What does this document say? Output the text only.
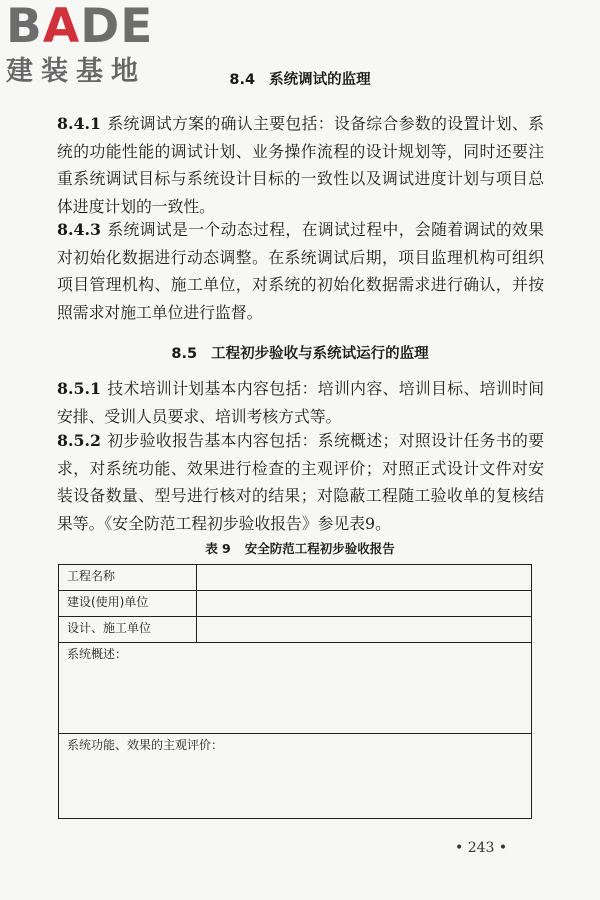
BADE
建装基地	8.4 系统调试的监理
8.4.1 系统调试方案的确认主要包括：设备综合参数的设置计划、系统的功能性能的调试计划、业务操作流程的设计规划等，同时还要注重系统调试目标与系统设计目标的一致性以及调试进度计划与项目总体进度计划的一致性。
8.4.3 系统调试是一个动态过程，在调试过程中，会随着调试的效果对初始化数据进行动态调整。在系统调试后期，项目监理机构可组织项目管理机构、施工单位，对系统的初始化数据需求进行确认，并按照需求对施工单位进行监督。
8.5 工程初步验收与系统试运行的监理
8.5.1 技术培训计划基本内容包括：培训内容、培训目标、培训时间安排、受训人员要求、培训考核方式等。
8.5.2 初步验收报告基本内容包括：系统概述；对照设计任务书的要求，对系统功能、效果进行检查的主观评价；对照正式设计文件对安装设备数量、型号进行核对的结果；对隐蔽工程随工验收单的复核结果等。《安全防范工程初步验收报告》参见表9。
表 9 安全防范工程初步验收报告
工程名称	
建设(使用)单位	
设计、施工单位	
系统概述：	
系统功能、效果的主观评价：	
• 243 •
